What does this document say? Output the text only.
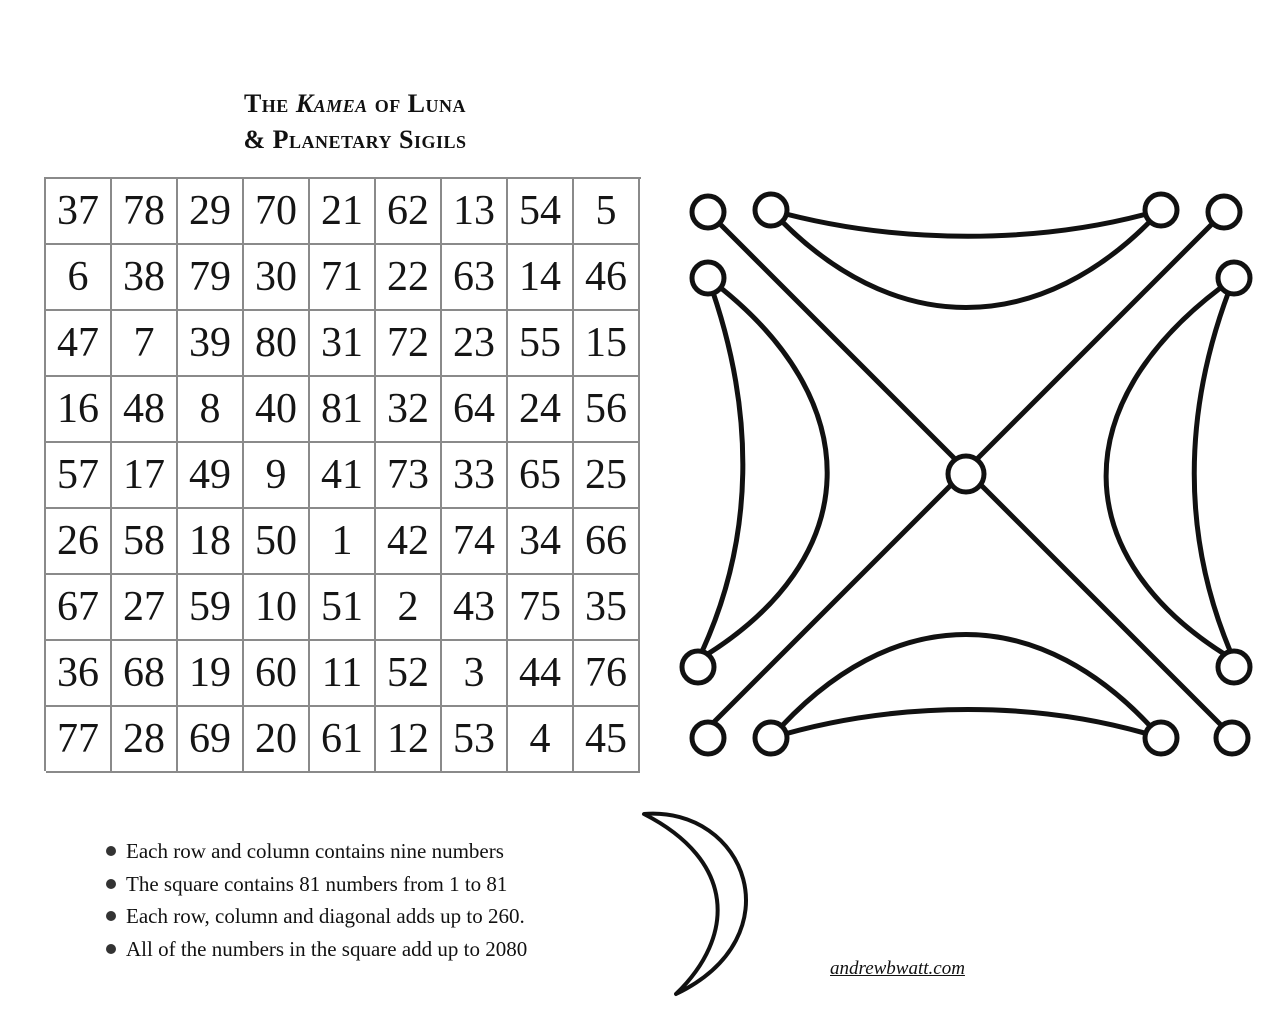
The Kamea of Luna
& Planetary Sigils
37 78 29 70 21 62 13 54 5
6 38 79 30 71 22 63 14 46
47 7 39 80 31 72 23 55 15
16 48 8 40 81 32 64 24 56
57 17 49 9 41 73 33 65 25
26 58 18 50 1 42 74 34 66
67 27 59 10 51 2 43 75 35
36 68 19 60 11 52 3 44 76
77 28 69 20 61 12 53 4 45
Each row and column contains nine numbers
The square contains 81 numbers from 1 to 81
Each row, column and diagonal adds up to 260.
All of the numbers in the square add up to 2080
andrewbwatt.com
